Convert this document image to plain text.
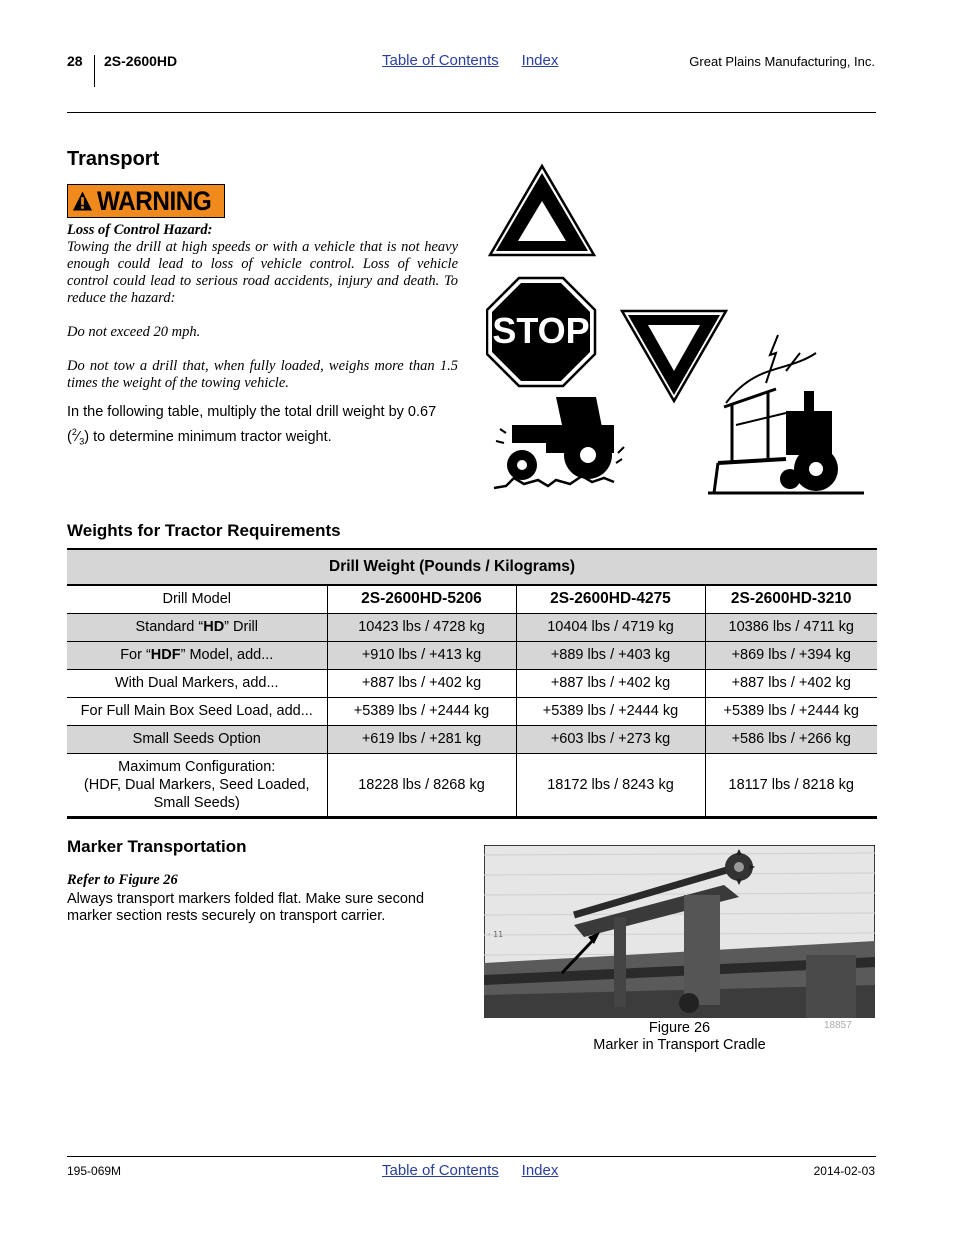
28 2S-2600HD	Table of Contents Index	Great Plains Manufacturing, Inc.
Transport
WARNING

Loss of Control Hazard:

Towing the drill at high speeds or with a vehicle that is not heavy enough could lead to loss of vehicle control. Loss of vehicle control could lead to serious road accidents, injury and death. To reduce the hazard:

Do not exceed 20 mph.

Do not tow a drill that, when fully loaded, weighs more than 1.5 times the weight of the towing vehicle.

In the following table, multiply the total drill weight by 0.67 $(^2⁄_3)$ to determine minimum tractor weight.
STOP
Weights for Tractor Requirements
	Drill Weight (Pounds / Kilograms)		
Drill Model	2S-2600HD-5206	2S-2600HD-4275	2S-2600HD-3210
Standard “HD” Drill	10423 lbs / 4728 kg	10404 lbs / 4719 kg	10386 lbs / 4711 kg
For “HDF” Model, add...	+910 lbs / +413 kg	+889 lbs / +403 kg	+869 lbs / +394 kg
With Dual Markers, add...	+887 lbs / +402 kg	+887 lbs / +402 kg	+887 lbs / +402 kg
For Full Main Box Seed Load, add...	+5389 lbs / +2444 kg	+5389 lbs / +2444 kg	+5389 lbs / +2444 kg
Small Seeds Option	+619 lbs / +281 kg	+603 lbs / +273 kg	+586 lbs / +266 kg

Maximum Configuration:
(HDF, Dual Markers, Seed Loaded,
Small Seeds)	18228 lbs / 8268 kg	18172 lbs / 8243 kg	18117 lbs / 8218 kg
Marker Transportation
Refer to Figure 26
Always transport markers folded flat. Make sure second marker section rests securely on transport carrier.
· 11
Figure 26
Marker in Transport Cradle
18857
195-069M	Table of Contents Index	2014-02-03
